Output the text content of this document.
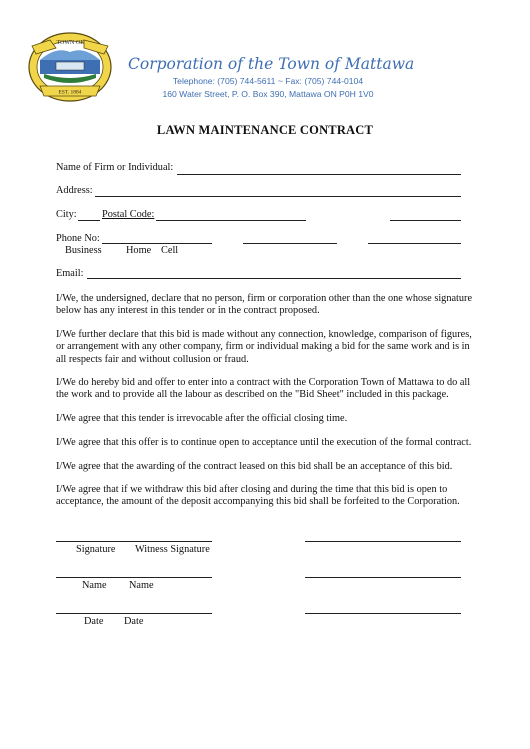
TOWN OF
EST. 1884
Corporation of the Town of Mattawa
Telephone: (705) 744-5611 ~ Fax: (705) 744-0104
160 Water Street, P. O. Box 390, Mattawa ON P0H 1V0
LAWN MAINTENANCE CONTRACT
Name of Firm or Individual:
Address:
City: Postal Code:
Phone No:
Business Home Cell
Email:
I/We, the undersigned, declare that no person, firm or corporation other than the one whose signature below has any interest in this tender or in the contract proposed.
I/We further declare that this bid is made without any connection, knowledge, comparison of figures, or arrangement with any other company, firm or individual making a bid for the same work and is in all respects fair and without collusion or fraud.
I/We do hereby bid and offer to enter into a contract with the Corporation Town of Mattawa to do all the work and to provide all the labour as described on the "Bid Sheet" included in this package.
I/We agree that this tender is irrevocable after the official closing time.
I/We agree that this offer is to continue open to acceptance until the execution of the formal contract.
I/We agree that the awarding of the contract leased on this bid shall be an acceptance of this bid.
I/We agree that if we withdraw this bid after closing and during the time that this bid is open to acceptance, the amount of the deposit accompanying this bid shall be forfeited to the Corporation.
Signature Witness Signature
Name Name
Date Date
